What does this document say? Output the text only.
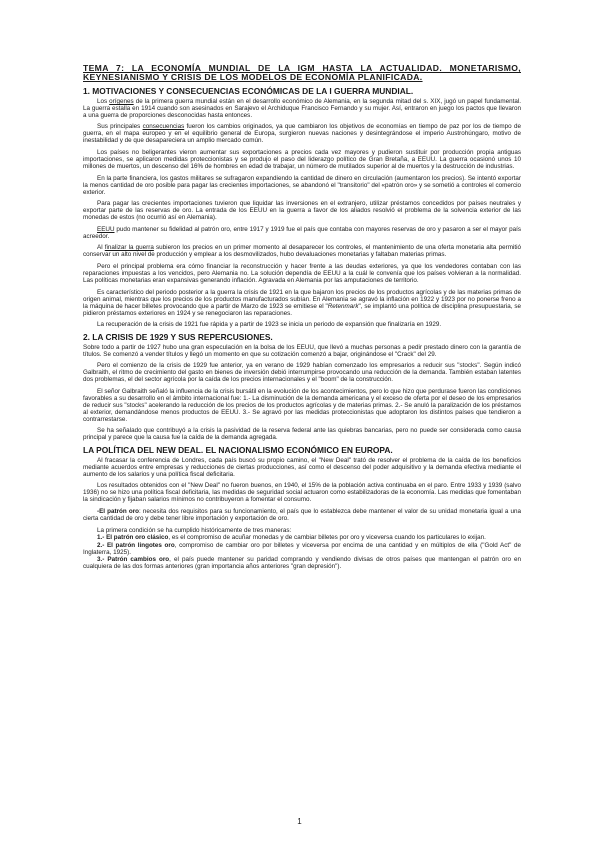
TEMA 7: LA ECONOMÍA MUNDIAL DE LA IGM HASTA LA ACTUALIDAD. MONETARISMO, KEYNESIANISMO Y CRISIS DE LOS MODELOS DE ECONOMÍA PLANIFICADA.
1. MOTIVACIONES Y CONSECUENCIAS ECONÓMICAS DE LA I GUERRA MUNDIAL.

Los orígenes de la primera guerra mundial están en el desarrollo económico de Alemania, en la segunda mitad del s. XIX, jugó un papel fundamental. La guerra estalla en 1914 cuando son asesinados en Sarajevo el Archiduque Francisco Fernando y su mujer. Así, entraron en juego los pactos que llevaron a una guerra de proporciones desconocidas hasta entonces.

Sus principales consecuencias fueron los cambios originados, ya que cambiaron los objetivos de economías en tiempo de paz por los de tiempo de guerra, en el mapa europeo y en el equilibrio general de Europa, surgieron nuevas naciones y desintegrándose el imperio Austrohúngaro, motivo de inestabilidad y de que desapareciera un amplio mercado común.

Los países no beligerantes vieron aumentar sus exportaciones a precios cada vez mayores y pudieron sustituir por producción propia antiguas importaciones, se aplicaron medidas proteccionistas y se produjo el paso del liderazgo político de Gran Bretaña, a EEUU. La guerra ocasionó unos 10 millones de muertos, un descenso del 16% de hombres en edad de trabajar, un número de mutilados superior al de muertos y la destrucción de industrias.

En la parte financiera, los gastos militares se sufragaron expandiendo la cantidad de dinero en circulación (aumentaron los precios). Se intentó exportar la menos cantidad de oro posible para pagar las crecientes importaciones, se abandonó el "transitorio" del «patrón oro» y se sometió a controles el comercio exterior.

Para pagar las crecientes importaciones tuvieron que liquidar las inversiones en el extranjero, utilizar préstamos concedidos por países neutrales y exportar parte de las reservas de oro. La entrada de los EEUU en la guerra a favor de los aliados resolvió el problema de la solvencia exterior de las monedas de estos (no ocurrió así en Alemania).

EEUU pudo mantener su fidelidad al patrón oro, entre 1917 y 1919 fue el país que contaba con mayores reservas de oro y pasaron a ser el mayor país acreedor.

Al finalizar la guerra subieron los precios en un primer momento al desaparecer los controles, el mantenimiento de una oferta monetaria alta permitió conservar un alto nivel de producción y emplear a los desmovilizados, hubo devaluaciones monetarias y faltaban materias primas.

Pero el principal problema era cómo financiar la reconstrucción y hacer frente a las deudas exteriores, ya que los vendedores contaban con las reparaciones impuestas a los vencidos, pero Alemania no. La solución dependía de EEUU a la cuál le convenía que los países volvieran a la normalidad. Las políticas monetarias eran expansivas generando inflación. Agravada en Alemania por las amputaciones de territorio.

Es característico del periodo posterior a la guerra la crisis de 1921 en la que bajaron los precios de los productos agrícolas y de las materias primas de origen animal, mientras que los precios de los productos manufacturados subían. En Alemania se agravó la inflación en 1922 y 1923 por no ponerse freno a la máquina de hacer billetes provocando que a partir de Marzo de 1923 se emitiese el "Retenmark", se implantó una política de disciplina presupuestaria, se pidieron préstamos exteriores en 1924 y se renegociaron las reparaciones.

La recuperación de la crisis de 1921 fue rápida y a partir de 1923 se inicia un periodo de expansión que finalizaría en 1929.

2. LA CRISIS DE 1929 Y SUS REPERCUSIONES.

Sobre todo a partir de 1927 hubo una gran especulación en la bolsa de los EEUU, que llevó a muchas personas a pedir prestado dinero con la garantía de títulos. Se comenzó a vender títulos y llegó un momento en que su cotización comenzó a bajar, originándose el "Crack" del 29.

Pero el comienzo de la crisis de 1929 fue anterior, ya en verano de 1929 habían comenzado los empresarios a reducir sus "stocks". Según indicó Galbraith, el ritmo de crecimiento del gasto en bienes de inversión debió interrumpirse provocando una reducción de la demanda. También estaban latentes dos problemas, el del sector agrícola por la caída de los precios internacionales y el "boom" de la construcción.

El señor Galbraith señaló la influencia de la crisis bursátil en la evolución de los acontecimientos, pero lo que hizo que perdurase fueron las condiciones favorables a su desarrollo en el ámbito internacional fue: 1.- La disminución de la demanda americana y el exceso de oferta por el deseo de los empresarios de reducir sus "stocks" acelerando la reducción de los precios de los productos agrícolas y de materias primas. 2.- Se anuló la paralización de los préstamos al exterior, demandándose menos productos de EEUU. 3.- Se agravó por las medidas proteccionistas que adoptaron los distintos países que tendieron a contrarrestarse.

Se ha señalado que contribuyó a la crisis la pasividad de la reserva federal ante las quiebras bancarias, pero no puede ser considerada como causa principal y parece que la causa fue la caída de la demanda agregada.

LA POLÍTICA DEL NEW DEAL. EL NACIONALISMO ECONÓMICO EN EUROPA.

Al fracasar la conferencia de Londres, cada país buscó su propio camino, el "New Deal" trató de resolver el problema de la caída de los beneficios mediante acuerdos entre empresas y reducciones de ciertas producciones, así como el descenso del poder adquisitivo y la demanda efectiva mediante el aumento de los salarios y una política fiscal deficitaria.

Los resultados obtenidos con el "New Deal" no fueron buenos, en 1940, el 15% de la población activa continuaba en el paro. Entre 1933 y 1939 (salvo 1936) no se hizo una política fiscal deficitaria, las medidas de seguridad social actuaron como estabilizadoras de la economía. Las medidas que fomentaban la sindicación y fijaban salarios mínimos no contribuyeron a fomentar el consumo.

-El patrón oro: necesita dos requisitos para su funcionamiento, el país que lo establezca debe mantener el valor de su unidad monetaria igual a una cierta cantidad de oro y debe tener libre importación y exportación de oro.

La primera condición se ha cumplido históricamente de tres maneras:

1.- El patrón oro clásico, es el compromiso de acuñar monedas y de cambiar billetes por oro y viceversa cuando los particulares lo exijan.

2.- El patrón lingotes oro, compromiso de cambiar oro por billetes y viceversa por encima de una cantidad y en múltiplos de ella ("Gold Act" de Inglaterra, 1925).

3.- Patrón cambios oro, el país puede mantener su paridad comprando y vendiendo divisas de otros países que mantengan el patrón oro en cualquiera de las dos formas anteriores (gran importancia años anteriores "gran depresión").

1
